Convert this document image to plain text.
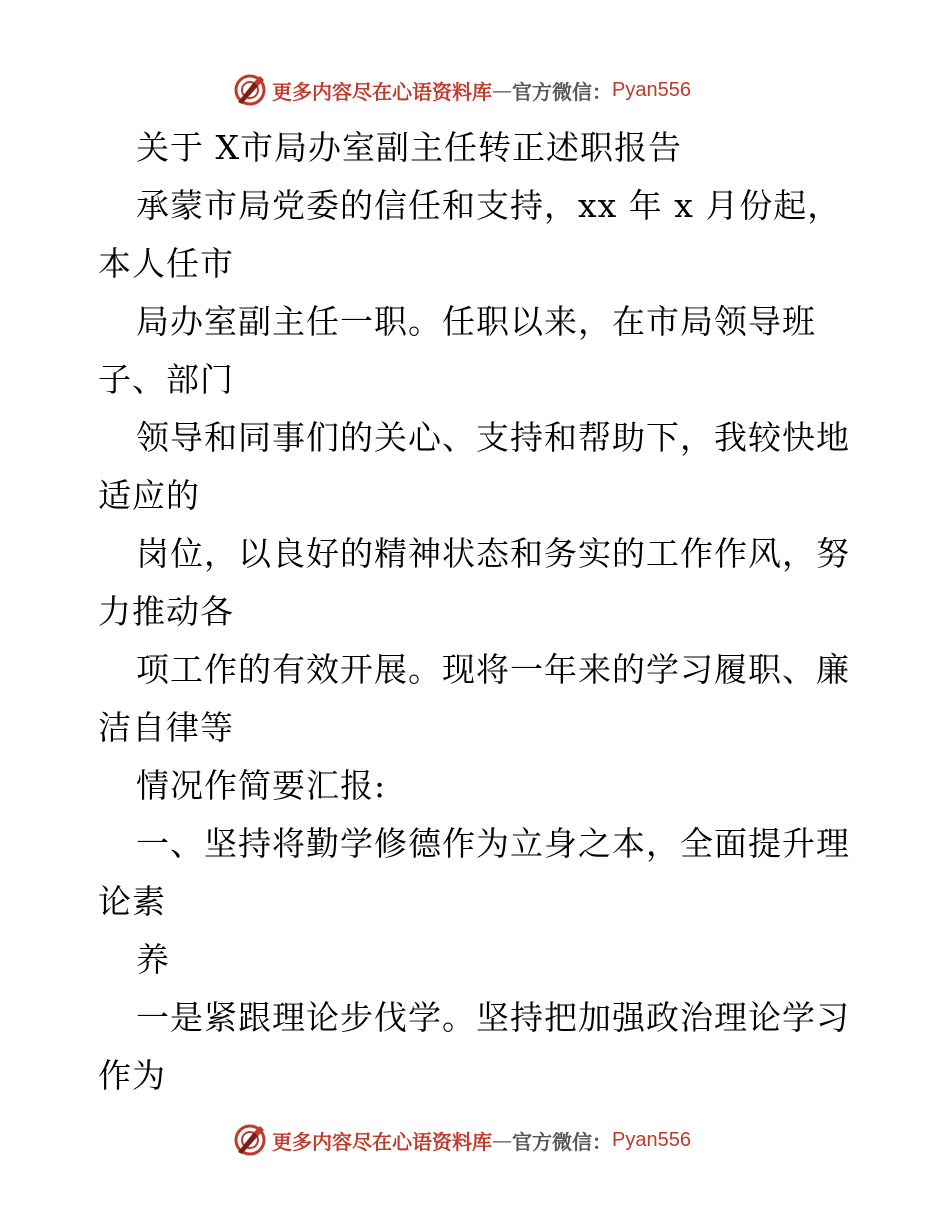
更多内容尽在心语资料库 — 官方微信： Pyan556
关于 X市局办室副主任转正述职报告
承蒙市局党委的信任和支持，xx 年 x 月份起，
本人任市
局办室副主任一职。任职以来，在市局领导班
子、部门
领导和同事们的关心、支持和帮助下，我较快地
适应的
岗位，以良好的精神状态和务实的工作作风，努
力推动各
项工作的有效开展。现将一年来的学习履职、廉
洁自律等
情况作简要汇报:
一、坚持将勤学修德作为立身之本，全面提升理
论素
养
一是紧跟理论步伐学。坚持把加强政治理论学习
作为
更多内容尽在心语资料库 — 官方微信： Pyan556
